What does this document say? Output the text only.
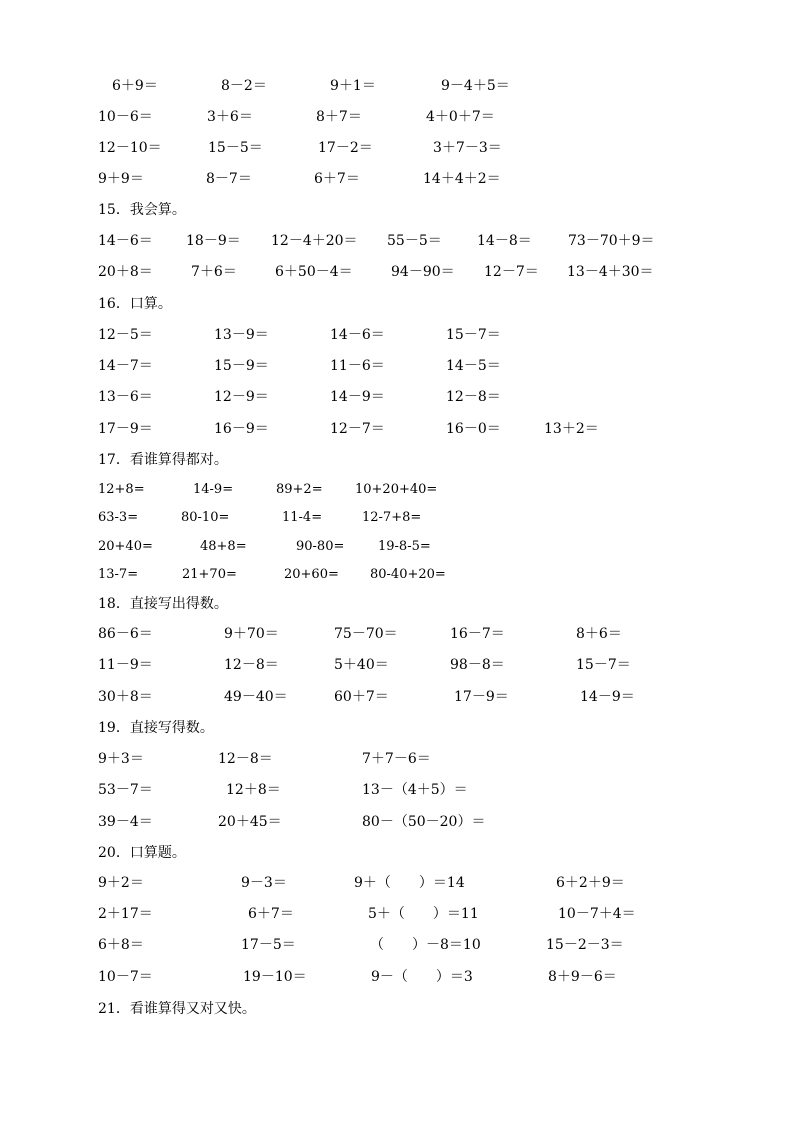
6＋9＝	8－2＝	9＋1＝	9－4＋5＝
10－6＝	3＋6＝	8＋7＝	4＋0＋7＝
12－10＝	15－5＝	17－2＝	3＋7－3＝
9＋9＝	8－7＝	6＋7＝	14＋4＋2＝
15．我会算。
14－6＝ 18－9＝ 12－4＋20＝ 55－5＝	14－8＝	73－70＋9＝
20＋8＝	7＋6＝	6＋50－4＝	94－90＝ 12－7＝ 13－4＋30＝
16．口算。
12－5＝	13－9＝	14－6＝	15－7＝
14－7＝	15－9＝	11－6＝	14－5＝
13－6＝	12－9＝	14－9＝	12－8＝
17－9＝	16－9＝	12－7＝	16－0＝	13＋2＝
17．看谁算得都对。
12+8=	14-9=	89+2= 10+20+40=
63-3=	80-10=	11-4=	12-7+8=
20+40=	48+8=	90-80=	19-8-5=
13-7=	21+70=	20+60= 80-40+20=
18．直接写出得数。
86－6＝	9＋70＝	75－70＝	16－7＝	8＋6＝
11－9＝	12－8＝	5＋40＝	98－8＝	15－7＝
30＋8＝	49－40＝	60＋7＝	17－9＝	14－9＝
19．直接写得数。
9＋3＝	12－8＝	7＋7－6＝
53－7＝	12＋8＝	13－（4＋5）＝
39－4＝	20＋45＝	80－（50－20）＝
20．口算题。
9＋2＝	9－3＝	9＋（　　）＝14	6＋2＋9＝
2＋17＝	6＋7＝	5＋（　　）＝11	10－7＋4＝
6＋8＝	17－5＝	（　　）－8＝10	15－2－3＝
10－7＝	19－10＝	9－（　　）＝3	8＋9－6＝
21．看谁算得又对又快。
